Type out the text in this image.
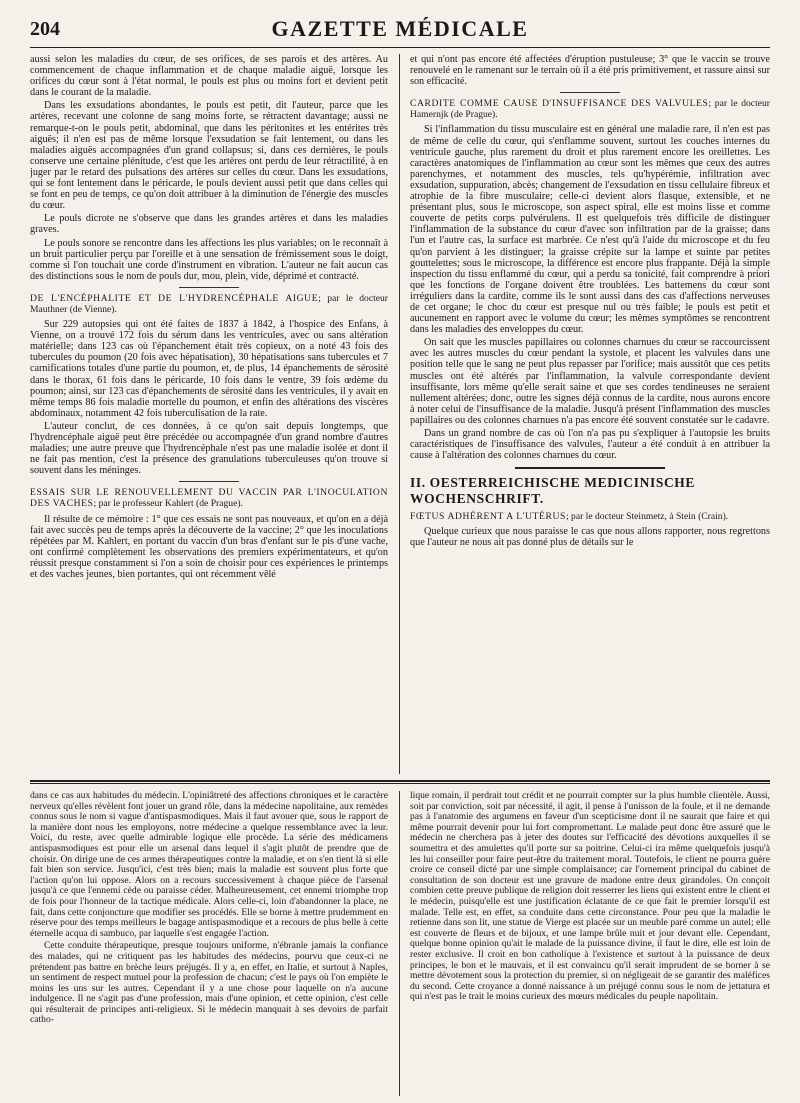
204	GAZETTE MÉDICALE

aussi selon les maladies du cœur, de ses orifices, de ses parois et des artères. Au commencement de chaque inflammation et de chaque maladie aiguë, lorsque les orifices du cœur sont à l'état normal, le pouls est plus ou moins fort et devient petit dans le courant de la maladie.

Dans les exsudations abondantes, le pouls est petit, dit l'auteur, parce que les artères, recevant une colonne de sang moins forte, se rétractent davantage; aussi ne remarque-t-on le pouls petit, abdominal, que dans les péritonites et les entérites très aiguës; il n'en est pas de même lorsque l'exsudation se fait lentement, ou dans les maladies aiguës accompagnées d'un grand collapsus; si, dans ces dernières, le pouls conserve une certaine plénitude, c'est que les artères ont perdu de leur rétractilité, à en juger par le retard des pulsations des artères sur celles du cœur. Dans les exsudations, qui se font lentement dans le péricarde, le pouls devient aussi petit que dans celles qui se font en peu de temps, ce qu'on doit attribuer à la diminution de l'énergie des muscles du cœur.

Le pouls dicrote ne s'observe que dans les grandes artères et dans les maladies graves.

Le pouls sonore se rencontre dans les affections les plus variables; on le reconnaît à un bruit particulier perçu par l'oreille et à une sensation de frémissement sous le doigt, comme si l'on touchait une corde d'instrument en vibration. L'auteur ne fait aucun cas des distinctions sous le nom de pouls dur, mou, plein, vide, déprimé et contracté.

DE L'ENCÉPHALITE ET DE L'HYDRENCÉPHALE AIGUE; par le docteur Mauthner (de Vienne).

Sur 229 autopsies qui ont été faites de 1837 à 1842, à l'hospice des Enfans, à Vienne, on a trouvé 172 fois du sérum dans les ventricules, avec ou sans altération matérielle; dans 123 cas où l'épanchement était très copieux, on a noté 43 fois des tubercules du poumon (20 fois avec hépatisation), 30 hépatisations sans tubercules et 7 carnifications totales d'une partie du poumon, et, de plus, 14 épanchements de sérosité dans le thorax, 61 fois dans le péricarde, 10 fois dans le ventre, 39 fois œdème du poumon; ainsi, sur 123 cas d'épanchements de sérosité dans les ventricules, il y avait en même temps 86 fois maladie mortelle du poumon, et enfin des altérations des viscères abdominaux, notamment 42 fois tuberculisation de la rate.

L'auteur conclut, de ces données, à ce qu'on sait depuis longtemps, que l'hydrencéphale aiguë peut être précédée ou accompagnée d'un grand nombre d'autres maladies; une autre preuve que l'hydrencéphale n'est pas une maladie isolée et dont il ne fait pas mention, c'est la présence des granulations tuberculeuses qu'on trouve si souvent dans les méninges.

ESSAIS SUR LE RENOUVELLEMENT DU VACCIN PAR L'INOCULATION DES VACHES; par le professeur Kahlert (de Prague).

Il résulte de ce mémoire : 1° que ces essais ne sont pas nouveaux, et qu'on en a déjà fait avec succès peu de temps après la découverte de la vaccine; 2° que les inoculations répétées par M. Kahlert, en portant du vaccin d'un bras d'enfant sur le pis d'une vache, ont confirmé complètement les observations des premiers expérimentateurs, et qu'on réussit presque constamment si l'on a soin de choisir pour ces expériences le printemps et des vaches jeunes, bien portantes, qui ont récemment vêlé

et qui n'ont pas encore été affectées d'éruption pustuleuse; 3° que le vaccin se trouve renouvelé en le ramenant sur le terrain où il a été pris primitivement, et rassure ainsi sur son efficacité.

CARDITE COMME CAUSE D'INSUFFISANCE DES VALVULES; par le docteur Hamernjk (de Prague).

Si l'inflammation du tissu musculaire est en général une maladie rare, il n'en est pas de même de celle du cœur, qui s'enflamme souvent, surtout les couches internes du ventricule gauche, plus rarement du droit et plus rarement encore les oreillettes. Les caractères anatomiques de l'inflammation au cœur sont les mêmes que ceux des autres parenchymes, et notamment des muscles, tels qu'hypérémie, infiltration avec exsudation, suppuration, abcès; changement de l'exsudation en tissu cellulaire fibreux et atrophie de la fibre musculaire; celle-ci devient alors flasque, extensible, et ne présentant plus, sous le microscope, son aspect spiral, elle est moins lisse et comme couverte de petits corps pulvérulens. Il est quelquefois très difficile de distinguer l'inflammation de la substance du cœur d'avec son infiltration par de la graisse; dans l'un et l'autre cas, la surface est marbrée. Ce n'est qu'à l'aide du microscope et du feu qu'on parvient à les distinguer; la graisse crépite sur la lampe et suinte par petites gouttelettes; sous le microscope, la différence est encore plus frappante. Déjà la simple inspection du tissu enflammé du cœur, qui a perdu sa tonicité, fait comprendre à priori que les fonctions de l'organe doivent être troublées. Les battemens du cœur sont irréguliers dans la cardite, comme ils le sont aussi dans des cas d'affections nerveuses de cet organe; le choc du cœur est presque nul ou très faible; le pouls est petit et aucunement en rapport avec le volume du cœur; les mêmes symptômes se rencontrent dans les maladies des enveloppes du cœur.

On sait que les muscles papillaires ou colonnes charnues du cœur se raccourcissent avec les autres muscles du cœur pendant la systole, et placent les valvules dans une position telle que le sang ne peut plus repasser par l'orifice; mais aussitôt que ces petits muscles ont été altérés par l'inflammation, la valvule correspondante devient insuffisante, lors même qu'elle serait saine et que ses cordes tendineuses ne seraient nullement altérées; donc, outre les signes déjà connus de la cardite, nous aurons encore à noter celui de l'insuffisance de la maladie. Jusqu'à présent l'inflammation des muscles papillaires ou des colonnes charnues n'a pas encore été souvent constatée sur le cadavre.

Dans un grand nombre de cas où l'on n'a pas pu s'expliquer à l'autopsie les bruits caractéristiques de l'insuffisance des valvules, l'auteur a été conduit à en attribuer la cause à l'altération des colonnes charnues du cœur.

II. OESTERREICHISCHE MEDICINISCHE WOCHENSCHRIFT.

FŒTUS ADHÉRENT A L'UTÉRUS; par le docteur Steinmetz, à Stein (Crain).

Quelque curieux que nous paraisse le cas que nous allons rapporter, nous regrettons que l'auteur ne nous ait pas donné plus de détails sur le

dans ce cas aux habitudes du médecin. L'opiniâtreté des affections chroniques et le caractère nerveux qu'elles révèlent font jouer un grand rôle, dans la médecine napolitaine, aux remèdes connus sous le nom si vague d'antispasmodiques. Mais il faut avouer que, sous le rapport de la manière dont nous les employons, notre médecine a quelque ressemblance avec la leur. Voici, du reste, avec quelle admirable logique elle procède. La série des médicamens antispasmodiques est pour elle un arsenal dans lequel il s'agit plutôt de prendre que de choisir. On dirige une de ces armes thérapeutiques contre la maladie, et on s'en tient là si elle fait bien son service. Jusqu'ici, c'est très bien; mais la maladie est souvent plus forte que l'action qu'on lui oppose. Alors on a recours successivement à chaque pièce de l'arsenal jusqu'à ce que l'ennemi cède ou paraisse céder. Malheureusement, cet ennemi triomphe trop de fois pour l'honneur de la tactique médicale. Alors celle-ci, loin d'abandonner la place, ne fait, dans cette conjoncture que modifier ses procédés. Elle se borne à mettre prudemment en réserve pour des temps meilleurs le bagage antispasmodique et a recours de plus belle à cette éternelle acqua di sambuco, par laquelle s'est engagée l'action.

Cette conduite thérapeutique, presque toujours uniforme, n'ébranle jamais la confiance des malades, qui ne critiquent pas les habitudes des médecins, pourvu que ceux-ci ne prétendent pas battre en brèche leurs préjugés. Il y a, en effet, en Italie, et surtout à Naples, un sentiment de respect mutuel pour la profession de chacun; c'est le pays où l'on empiète le moins les uns sur les autres. Cependant il y a une chose pour laquelle on n'a aucune indulgence. Il ne s'agit pas d'une profession, mais d'une opinion, et cette opinion, c'est celle qui résulterait de principes anti-religieux. Si le médecin manquait à ses devoirs de parfait catho-

lique romain, il perdrait tout crédit et ne pourrait compter sur la plus humble clientèle. Aussi, soit par conviction, soit par nécessité, il agit, il pense à l'unisson de la foule, et il ne demande pas à l'anatomie des argumens en faveur d'un scepticisme dont il ne saurait que faire et qui même pourrait devenir pour lui fort compromettant. Le malade peut donc être assuré que le médecin ne cherchera pas à jeter des doutes sur l'efficacité des dévotions auxquelles il se soumettra et des amulettes qu'il porte sur sa poitrine. Celui-ci ira même quelquefois jusqu'à les lui conseiller pour faire peut-être du traitement moral. Toutefois, le client ne pourra guère croire ce conseil dicté par une simple complaisance; car l'ornement principal du cabinet de consultation de son docteur est une gravure de madone entre deux girandoles. On conçoit combien cette preuve publique de religion doit resserrer les liens qui existent entre le client et le médecin, puisqu'elle est une justification éclatante de ce que fait le premier lorsqu'il est malade. Telle est, en effet, sa conduite dans cette circonstance. Pour peu que la maladie le retienne dans son lit, une statue de Vierge est placée sur un meuble paré comme un autel; elle est couverte de fleurs et de bijoux, et une lampe brûle nuit et jour devant elle. Cependant, quelque bonne opinion qu'ait le malade de la puissance divine, il faut le dire, elle est loin de rester exclusive. Il croit en bon catholique à l'existence et surtout à la puissance de deux principes, le bon et le mauvais, et il est convaincu qu'il serait imprudent de se borner à se mettre dévotement sous la protection du premier, si on négligeait de se garantir des maléfices du second. Cette croyance a donné naissance à un préjugé connu sous le nom de jettatura et qui n'est pas le trait le moins curieux des mœurs médicales du peuple napolitain.
